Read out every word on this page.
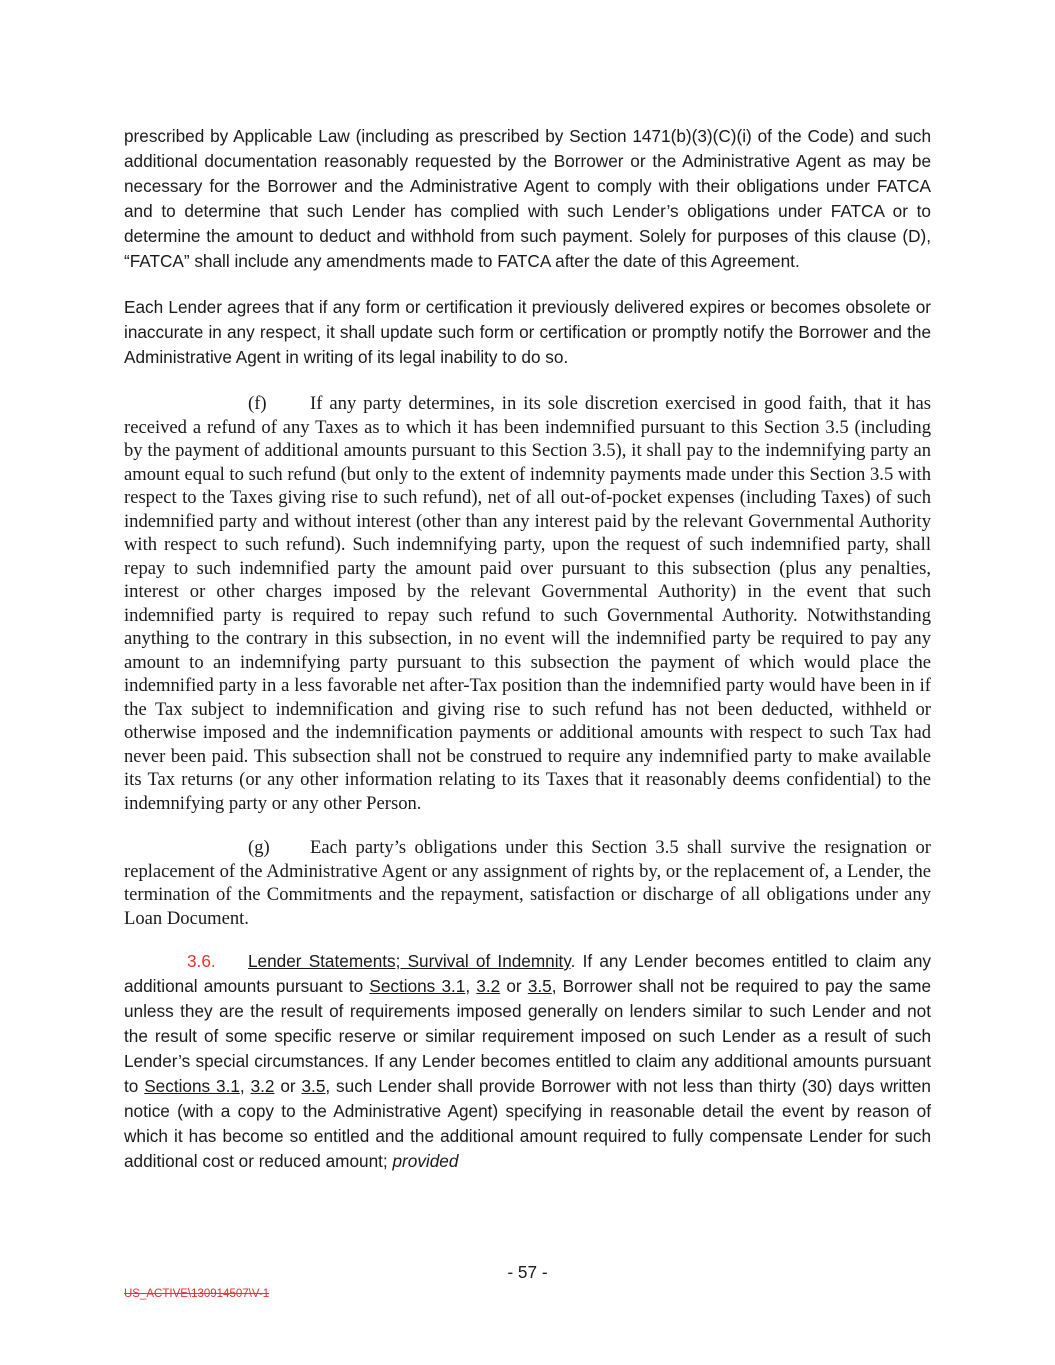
prescribed by Applicable Law (including as prescribed by Section 1471(b)(3)(C)(i) of the Code) and such additional documentation reasonably requested by the Borrower or the Administrative Agent as may be necessary for the Borrower and the Administrative Agent to comply with their obligations under FATCA and to determine that such Lender has complied with such Lender’s obligations under FATCA or to determine the amount to deduct and withhold from such payment. Solely for purposes of this clause (D), “FATCA” shall include any amendments made to FATCA after the date of this Agreement.

Each Lender agrees that if any form or certification it previously delivered expires or becomes obsolete or inaccurate in any respect, it shall update such form or certification or promptly notify the Borrower and the Administrative Agent in writing of its legal inability to do so.

(f) If any party determines, in its sole discretion exercised in good faith, that it has received a refund of any Taxes as to which it has been indemnified pursuant to this Section 3.5 (including by the payment of additional amounts pursuant to this Section 3.5), it shall pay to the indemnifying party an amount equal to such refund (but only to the extent of indemnity payments made under this Section 3.5 with respect to the Taxes giving rise to such refund), net of all out-of-pocket expenses (including Taxes) of such indemnified party and without interest (other than any interest paid by the relevant Governmental Authority with respect to such refund). Such indemnifying party, upon the request of such indemnified party, shall repay to such indemnified party the amount paid over pursuant to this subsection (plus any penalties, interest or other charges imposed by the relevant Governmental Authority) in the event that such indemnified party is required to repay such refund to such Governmental Authority. Notwithstanding anything to the contrary in this subsection, in no event will the indemnified party be required to pay any amount to an indemnifying party pursuant to this subsection the payment of which would place the indemnified party in a less favorable net after-Tax position than the indemnified party would have been in if the Tax subject to indemnification and giving rise to such refund has not been deducted, withheld or otherwise imposed and the indemnification payments or additional amounts with respect to such Tax had never been paid. This subsection shall not be construed to require any indemnified party to make available its Tax returns (or any other information relating to its Taxes that it reasonably deems confidential) to the indemnifying party or any other Person.

(g) Each party’s obligations under this Section 3.5 shall survive the resignation or replacement of the Administrative Agent or any assignment of rights by, or the replacement of, a Lender, the termination of the Commitments and the repayment, satisfaction or discharge of all obligations under any Loan Document.

3.6. Lender Statements; Survival of Indemnity. If any Lender becomes entitled to claim any additional amounts pursuant to Sections 3.1, 3.2 or 3.5, Borrower shall not be required to pay the same unless they are the result of requirements imposed generally on lenders similar to such Lender and not the result of some specific reserve or similar requirement imposed on such Lender as a result of such Lender’s special circumstances. If any Lender becomes entitled to claim any additional amounts pursuant to Sections 3.1, 3.2 or 3.5, such Lender shall provide Borrower with not less than thirty (30) days written notice (with a copy to the Administrative Agent) specifying in reasonable detail the event by reason of which it has become so entitled and the additional amount required to fully compensate Lender for such additional cost or reduced amount; provided

- 57 -
US_ACTIVE\130914507\V-1
